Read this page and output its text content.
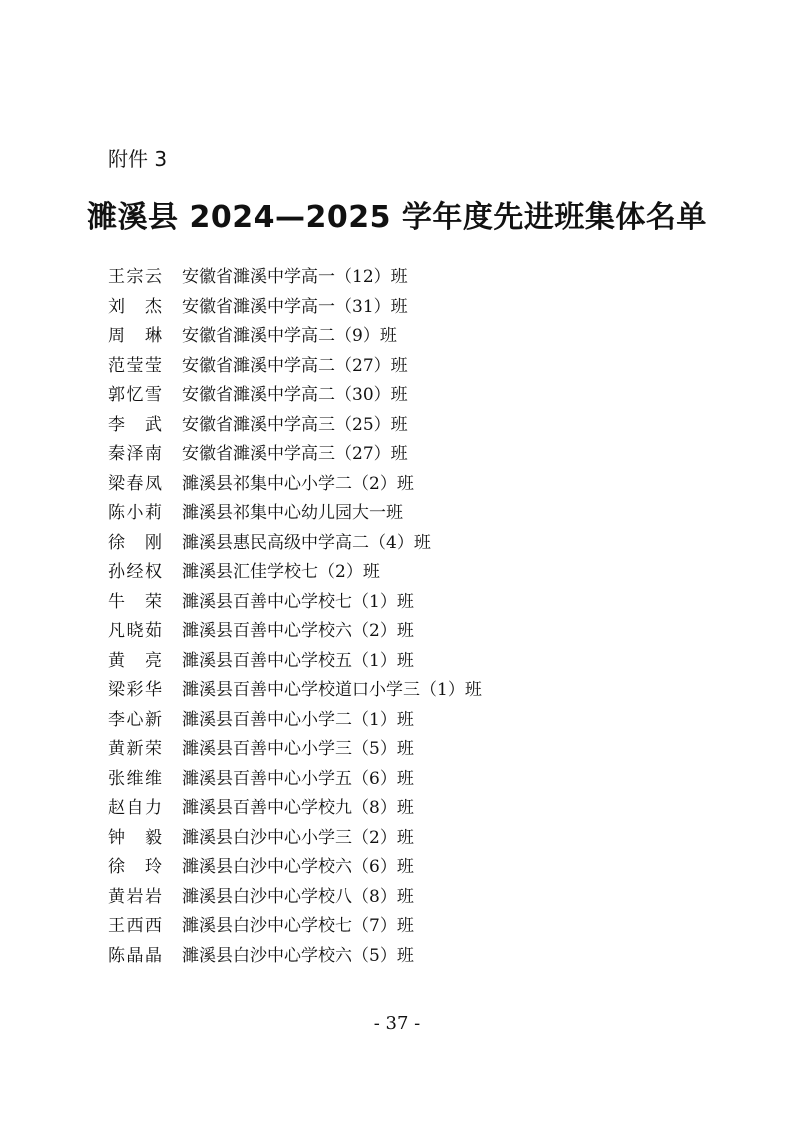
附件 3
濉溪县 2024—2025 学年度先进班集体名单
王宗云 安徽省濉溪中学高一（12）班
刘 杰 安徽省濉溪中学高一（31）班
周 琳 安徽省濉溪中学高二（9）班
范莹莹 安徽省濉溪中学高二（27）班
郭忆雪 安徽省濉溪中学高二（30）班
李 武 安徽省濉溪中学高三（25）班
秦泽南 安徽省濉溪中学高三（27）班
梁春凤 濉溪县祁集中心小学二（2）班
陈小莉 濉溪县祁集中心幼儿园大一班
徐 刚 濉溪县惠民高级中学高二（4）班
孙经权 濉溪县汇佳学校七（2）班
牛 荣 濉溪县百善中心学校七（1）班
凡晓茹 濉溪县百善中心学校六（2）班
黄 亮 濉溪县百善中心学校五（1）班
梁彩华 濉溪县百善中心学校道口小学三（1）班
李心新 濉溪县百善中心小学二（1）班
黄新荣 濉溪县百善中心小学三（5）班
张维维 濉溪县百善中心小学五（6）班
赵自力 濉溪县百善中心学校九（8）班
钟 毅 濉溪县白沙中心小学三（2）班
徐 玲 濉溪县白沙中心学校六（6）班
黄岩岩 濉溪县白沙中心学校八（8）班
王西西 濉溪县白沙中心学校七（7）班
陈晶晶 濉溪县白沙中心学校六（5）班
- 37 -
